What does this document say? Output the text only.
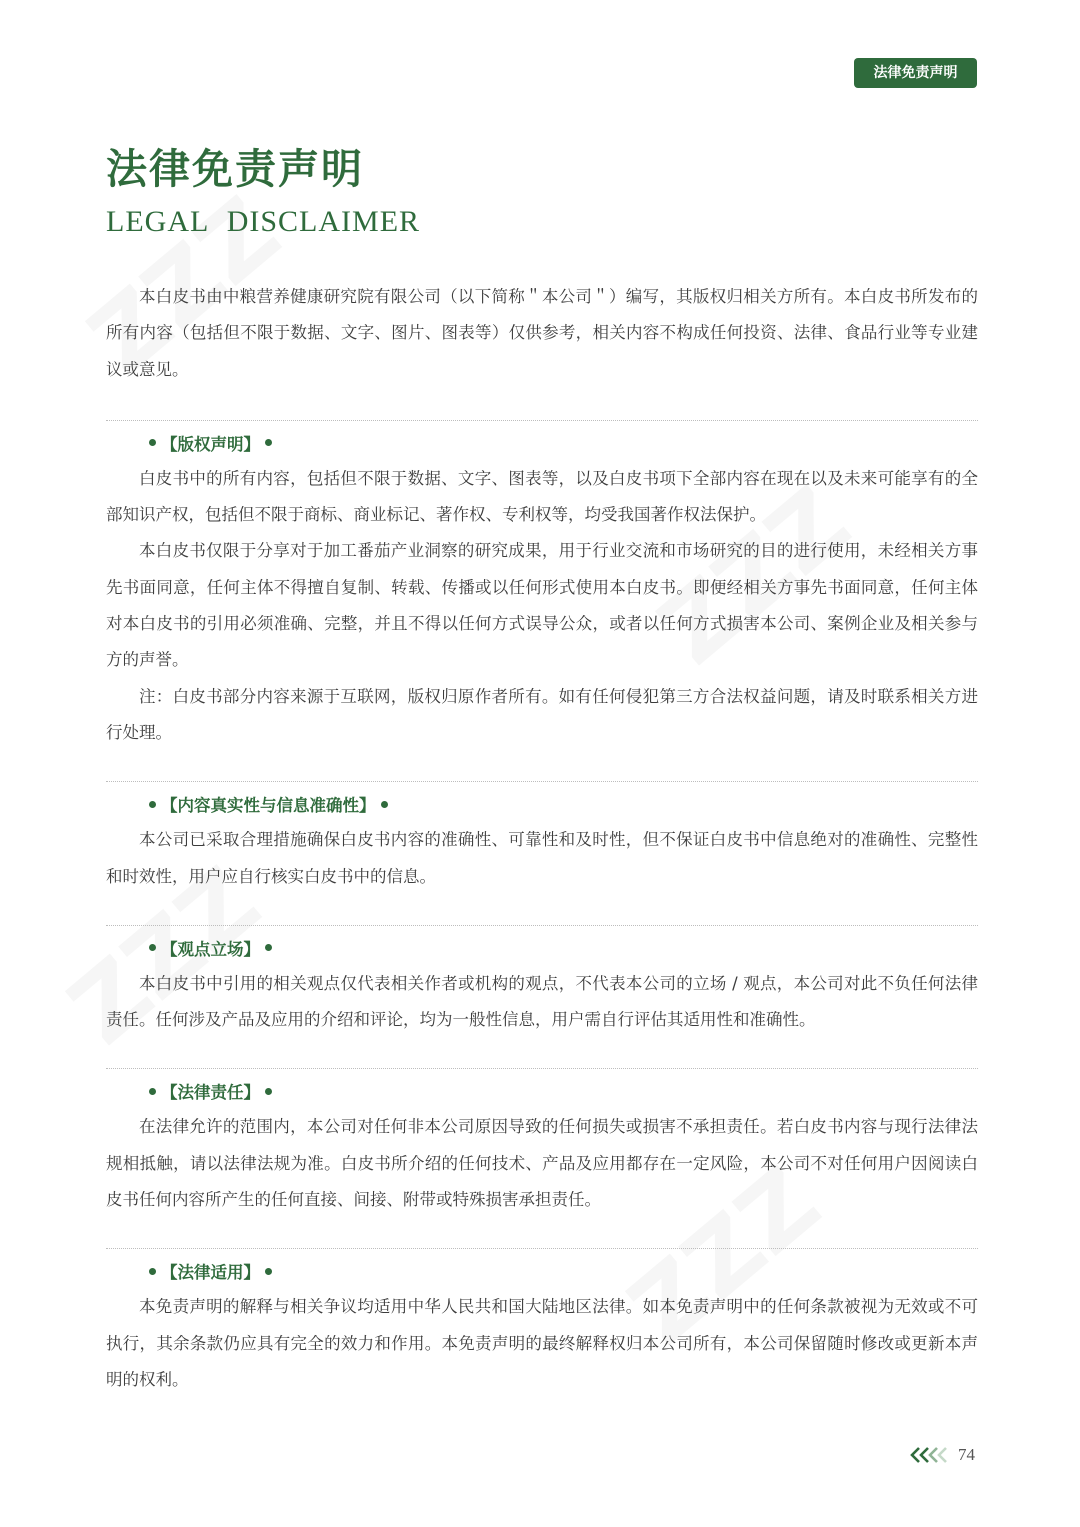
法律免责声明
法律免责声明
LEGAL DISCLAIMER

本白皮书由中粮营养健康研究院有限公司（以下简称＂本公司＂）编写，其版权归相关方所有。本白皮书所发布的所有内容（包括但不限于数据、文字、图片、图表等）仅供参考，相关内容不构成任何投资、法律、食品行业等专业建议或意见。

【版权声明】

白皮书中的所有内容，包括但不限于数据、文字、图表等，以及白皮书项下全部内容在现在以及未来可能享有的全部知识产权，包括但不限于商标、商业标记、著作权、专利权等，均受我国著作权法保护。

本白皮书仅限于分享对于加工番茄产业洞察的研究成果，用于行业交流和市场研究的目的进行使用，未经相关方事先书面同意，任何主体不得擅自复制、转载、传播或以任何形式使用本白皮书。即便经相关方事先书面同意，任何主体对本白皮书的引用必须准确、完整，并且不得以任何方式误导公众，或者以任何方式损害本公司、案例企业及相关参与方的声誉。

注：白皮书部分内容来源于互联网，版权归原作者所有。如有任何侵犯第三方合法权益问题，请及时联系相关方进行处理。

【内容真实性与信息准确性】

本公司已采取合理措施确保白皮书内容的准确性、可靠性和及时性，但不保证白皮书中信息绝对的准确性、完整性和时效性，用户应自行核实白皮书中的信息。

【观点立场】

本白皮书中引用的相关观点仅代表相关作者或机构的观点，不代表本公司的立场 / 观点，本公司对此不负任何法律责任。任何涉及产品及应用的介绍和评论，均为一般性信息，用户需自行评估其适用性和准确性。

【法律责任】

在法律允许的范围内，本公司对任何非本公司原因导致的任何损失或损害不承担责任。若白皮书内容与现行法律法规相抵触，请以法律法规为准。白皮书所介绍的任何技术、产品及应用都存在一定风险，本公司不对任何用户因阅读白皮书任何内容所产生的任何直接、间接、附带或特殊损害承担责任。

【法律适用】

本免责声明的解释与相关争议均适用中华人民共和国大陆地区法律。如本免责声明中的任何条款被视为无效或不可执行，其余条款仍应具有完全的效力和作用。本免责声明的最终解释权归本公司所有，本公司保留随时修改或更新本声明的权利。

74
